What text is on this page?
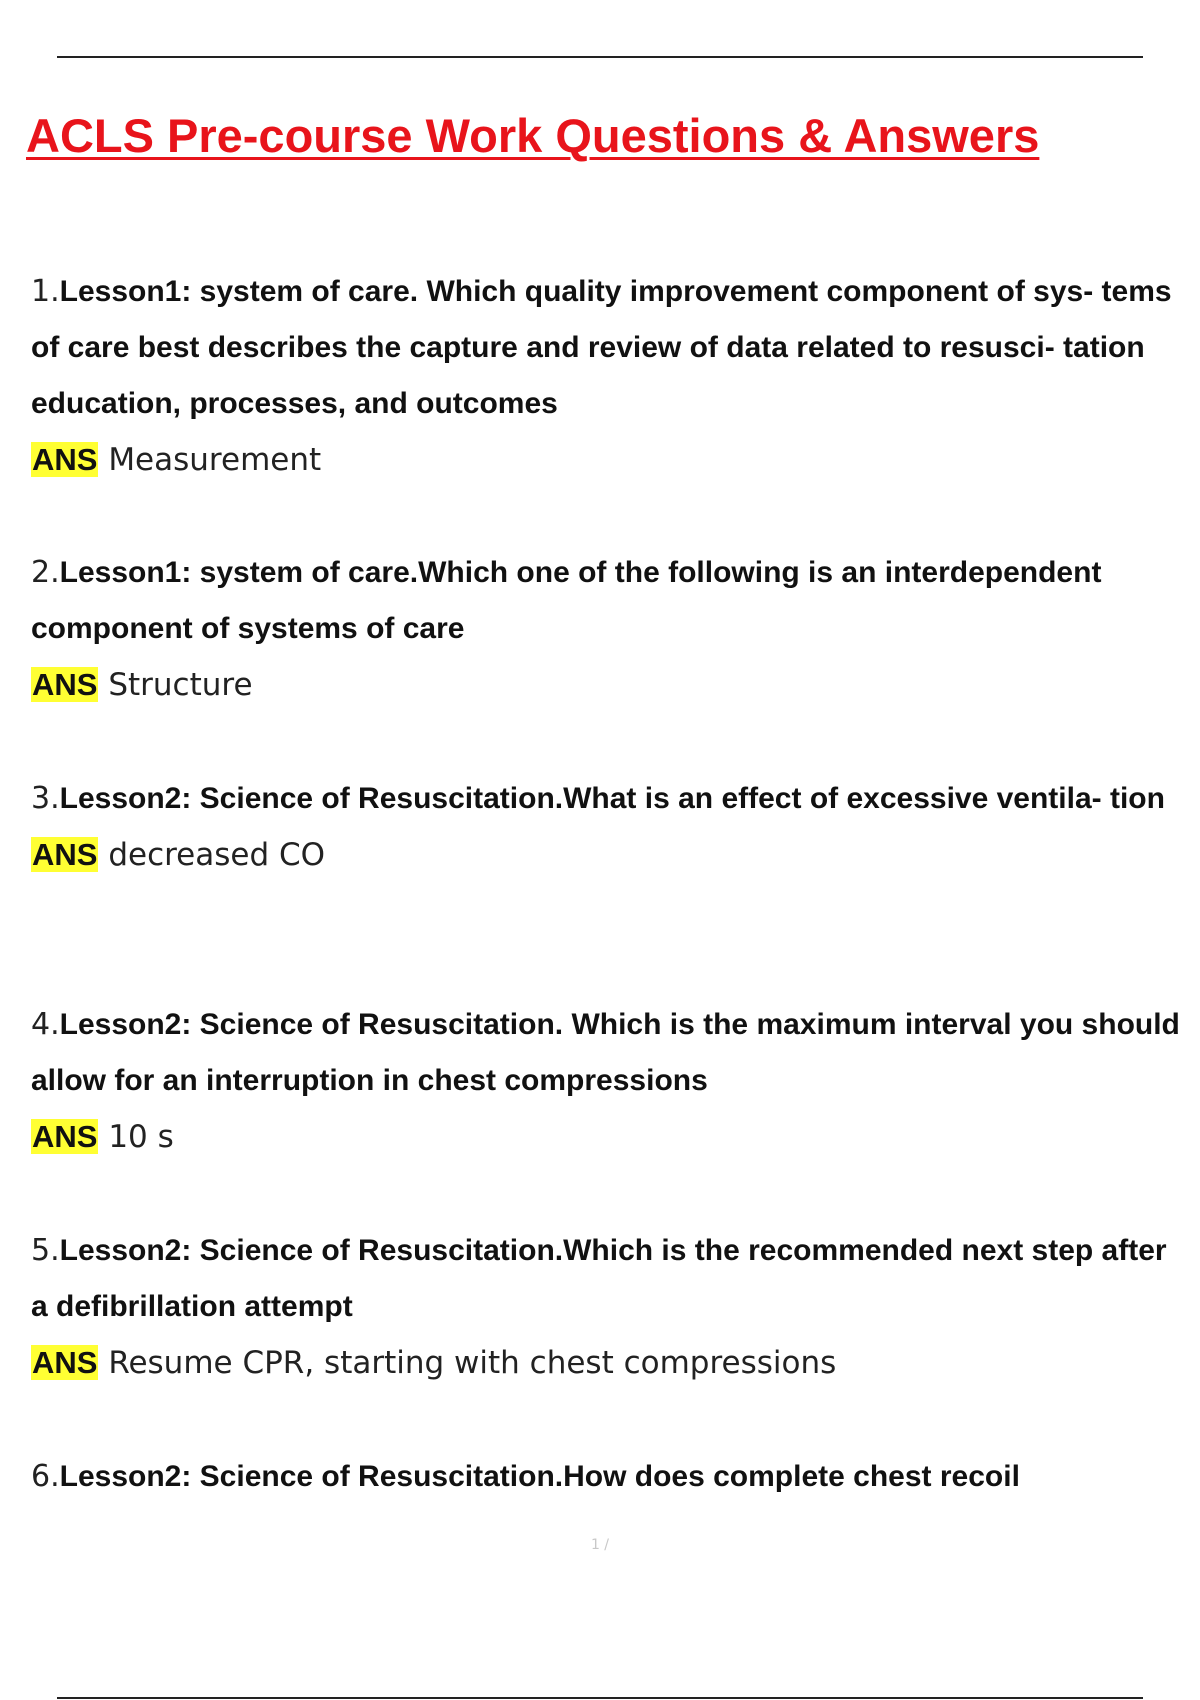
ACLS Pre-course Work Questions & Answers
1.Lesson1: system of care. Which quality improvement component of sys- tems of care best describes the capture and review of data related to resusci- tation education, processes, and outcomes
ANS Measurement
2.Lesson1: system of care.Which one of the following is an interdependent component of systems of care
ANS Structure
3.Lesson2: Science of Resuscitation.What is an effect of excessive ventila- tion
ANS decreased CO
4.Lesson2: Science of Resuscitation. Which is the maximum interval you should allow for an interruption in chest compressions
ANS 10 s
5.Lesson2: Science of Resuscitation.Which is the recommended next step after a defibrillation attempt
ANS Resume CPR, starting with chest compressions
6.Lesson2: Science of Resuscitation.How does complete chest recoil
1 /
